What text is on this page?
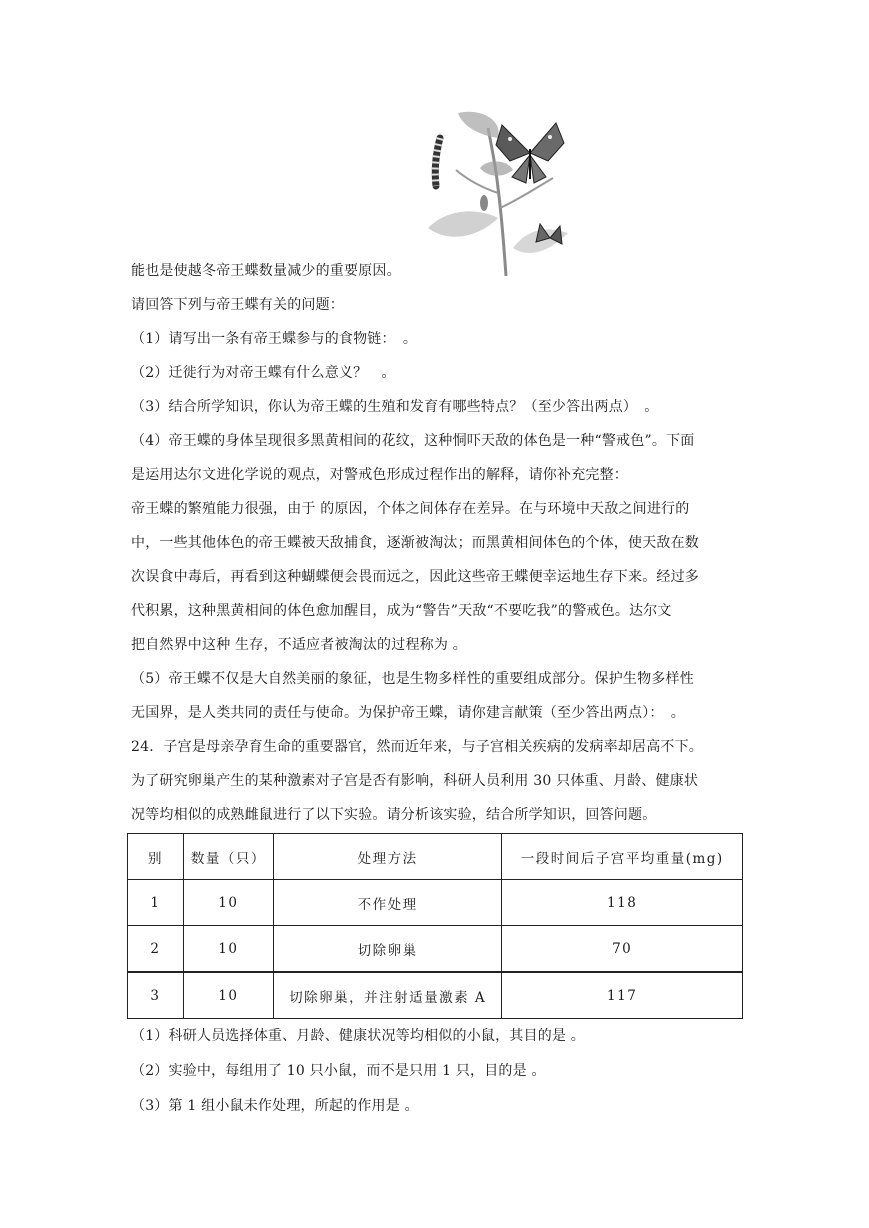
能也是使越冬帝王蝶数量减少的重要原因。
请回答下列与帝王蝶有关的问题：
（1）请写出一条有帝王蝶参与的食物链：　。
（2）迁徙行为对帝王蝶有什么意义？　。
（3）结合所学知识，你认为帝王蝶的生殖和发育有哪些特点？（至少答出两点）　。
（4）帝王蝶的身体呈现很多黑黄相间的花纹，这种恫吓天敌的体色是一种“警戒色”。下面
是运用达尔文进化学说的观点，对警戒色形成过程作出的解释，请你补充完整：
帝王蝶的繁殖能力很强，由于 的原因，个体之间体存在差异。在与环境中天敌之间进行的
中，一些其他体色的帝王蝶被天敌捕食，逐渐被淘汰；而黑黄相间体色的个体，使天敌在数
次误食中毒后，再看到这种蝴蝶便会畏而远之，因此这些帝王蝶便幸运地生存下来。经过多
代积累，这种黑黄相间的体色愈加醒目，成为“警告”天敌“不要吃我”的警戒色。达尔文
把自然界中这种 生存，不适应者被淘汰的过程称为 。
（5）帝王蝶不仅是大自然美丽的象征，也是生物多样性的重要组成部分。保护生物多样性
无国界，是人类共同的责任与使命。为保护帝王蝶，请你建言献策（至少答出两点）：　。
24．子宫是母亲孕育生命的重要器官，然而近年来，与子宫相关疾病的发病率却居高不下。
为了研究卵巢产生的某种激素对子宫是否有影响，科研人员利用 30 只体重、月龄、健康状
况等均相似的成熟雌鼠进行了以下实验。请分析该实验，结合所学知识，回答问题。
别	数量（只）	处理方法	一段时间后子宫平均重量(mg)
1	10	不作处理	118
2	10	切除卵巢	70
3	10	切除卵巢，并注射适量激素 A	117
（1）科研人员选择体重、月龄、健康状况等均相似的小鼠，其目的是 。
（2）实验中，每组用了 10 只小鼠，而不是只用 1 只，目的是 。
（3）第 1 组小鼠未作处理，所起的作用是 。
